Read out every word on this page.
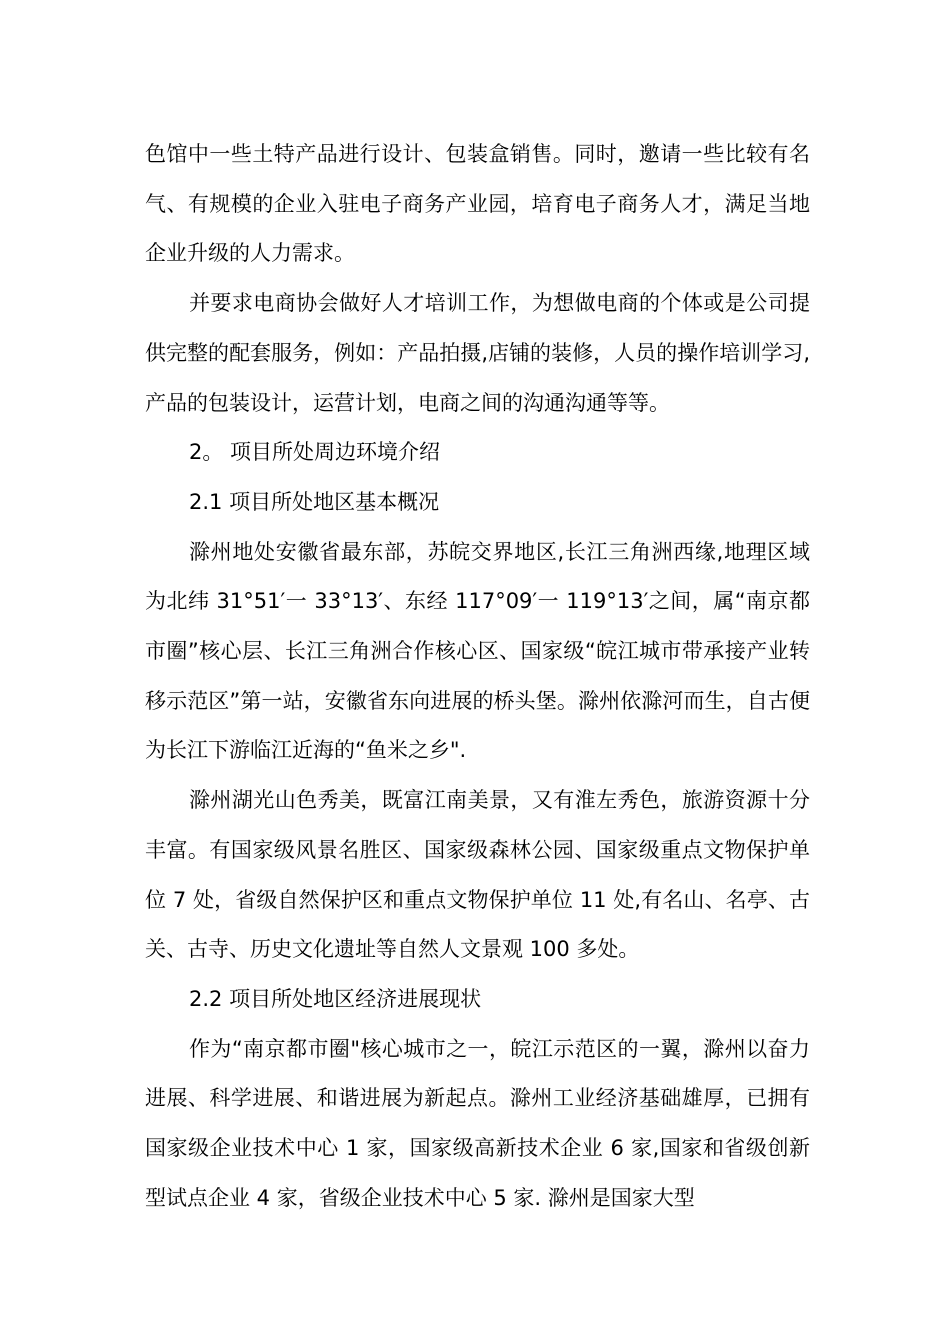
色馆中一些土特产品进行设计、包装盒销售。同时，邀请一些比较有名气、有规模的企业入驻电子商务产业园，培育电子商务人才，满足当地企业升级的人力需求。

并要求电商协会做好人才培训工作，为想做电商的个体或是公司提供完整的配套服务，例如：产品拍摄,店铺的装修，人员的操作培训学习,产品的包装设计，运营计划，电商之间的沟通沟通等等。

2。 项目所处周边环境介绍

2.1 项目所处地区基本概况

滁州地处安徽省最东部，苏皖交界地区,长江三角洲西缘,地理区域为北纬 31°51′一 33°13′、东经 117°09′一 119°13′之间，属“南京都市圈”核心层、长江三角洲合作核心区、国家级“皖江城市带承接产业转移示范区”第一站，安徽省东向进展的桥头堡。滁州依滁河而生，自古便为长江下游临江近海的“鱼米之乡".

滁州湖光山色秀美，既富江南美景，又有淮左秀色，旅游资源十分丰富。有国家级风景名胜区、国家级森林公园、国家级重点文物保护单位 7 处，省级自然保护区和重点文物保护单位 11 处,有名山、名亭、古关、古寺、历史文化遗址等自然人文景观 100 多处。

2.2 项目所处地区经济进展现状

作为“南京都市圈"核心城市之一，皖江示范区的一翼，滁州以奋力进展、科学进展、和谐进展为新起点。滁州工业经济基础雄厚，已拥有国家级企业技术中心 1 家，国家级高新技术企业 6 家,国家和省级创新型试点企业 4 家，省级企业技术中心 5 家. 滁州是国家大型
